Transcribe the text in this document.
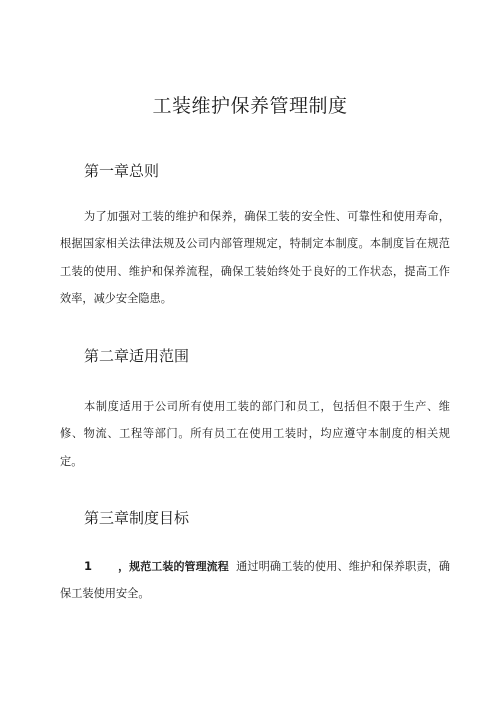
工装维护保养管理制度
第一章总则

为了加强对工装的维护和保养，确保工装的安全性、可靠性和使用寿命，根据国家相关法律法规及公司内部管理规定，特制定本制度。本制度旨在规范工装的使用、维护和保养流程，确保工装始终处于良好的工作状态，提高工作效率，减少安全隐患。

第二章适用范围

本制度适用于公司所有使用工装的部门和员工，包括但不限于生产、维修、物流、工程等部门。所有员工在使用工装时，均应遵守本制度的相关规定。

第三章制度目标

1 ，规范工装的管理流程 通过明确工装的使用、维护和保养职责，确保工装使用安全。
